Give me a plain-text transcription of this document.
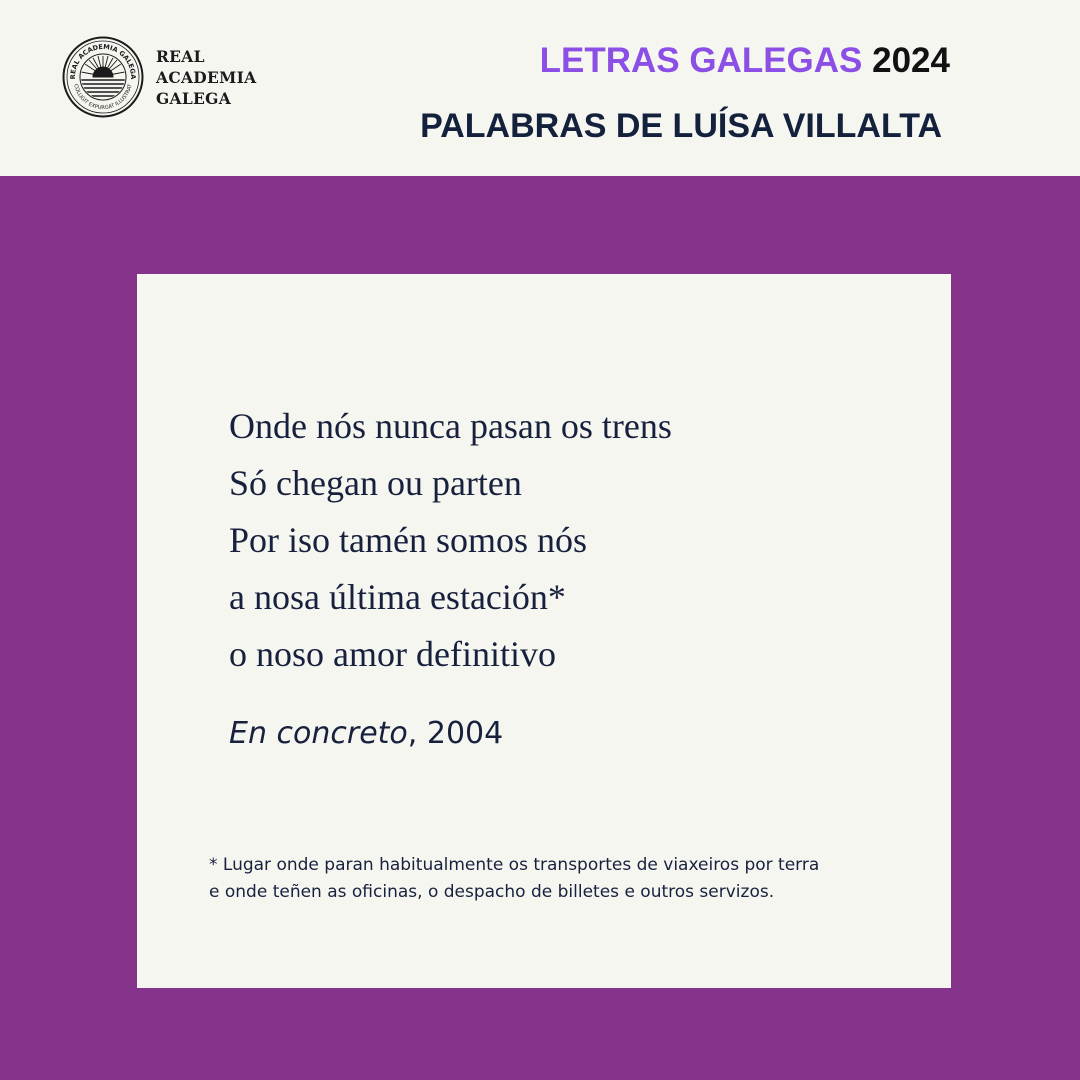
REAL ACADEMIA GALEGA
COLLIGIT EXPURGAT ILLUSTRAT
REAL
ACADEMIA
GALEGA
LETRAS GALEGAS 2024
PALABRAS DE LUÍSA VILLALTA
Onde nós nunca pasan os trens
Só chegan ou parten
Por iso tamén somos nós
a nosa última estación*
o noso amor definitivo
En concreto, 2004
* Lugar onde paran habitualmente os transportes de viaxeiros por terra
e onde teñen as oficinas, o despacho de billetes e outros servizos.
